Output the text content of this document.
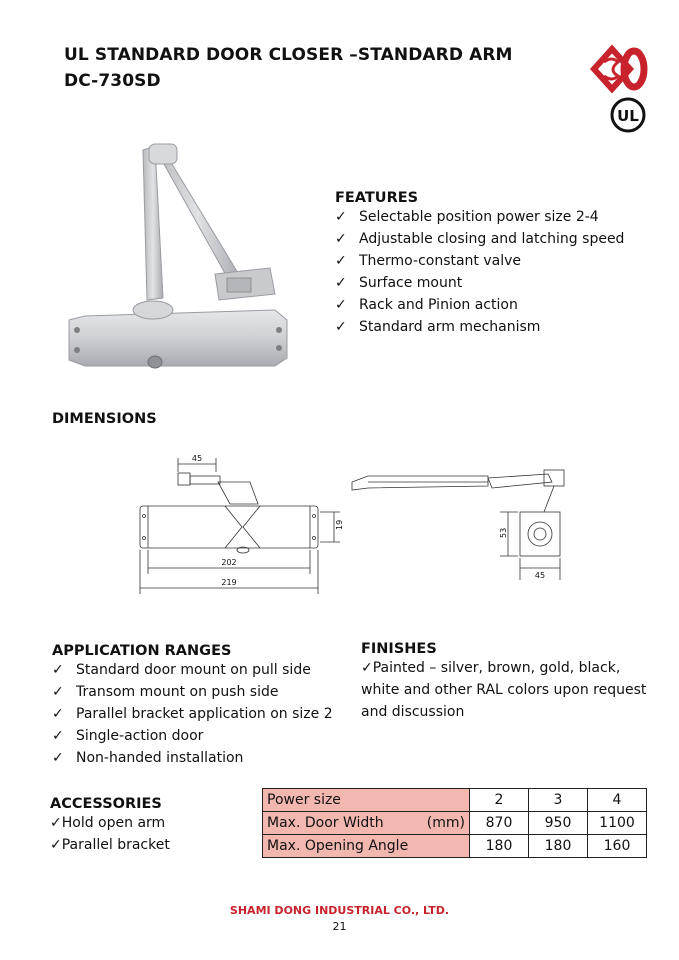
UL STANDARD DOOR CLOSER –STANDARD ARM
DC-730SD
UL
FEATURES
✓ Selectable position power size 2-4
✓ Adjustable closing and latching speed
✓ Thermo-constant valve
✓ Surface mount
✓ Rack and Pinion action
✓ Standard arm mechanism
DIMENSIONS
45
19
202
219
53
45
APPLICATION RANGES
✓ Standard door mount on pull side
✓ Transom mount on push side
✓ Parallel bracket application on size 2
✓ Single-action door
✓ Non-handed installation
FINISHES
✓Painted – silver, brown, gold, black, white and other RAL colors upon request and discussion
ACCESSORIES
✓ Hold open arm
✓ Parallel bracket
Power size	2	3	4
Max. Door Width (mm)	870	950	1100
Max. Opening Angle	180	180	160
SHAMI DONG INDUSTRIAL CO., LTD.
21
